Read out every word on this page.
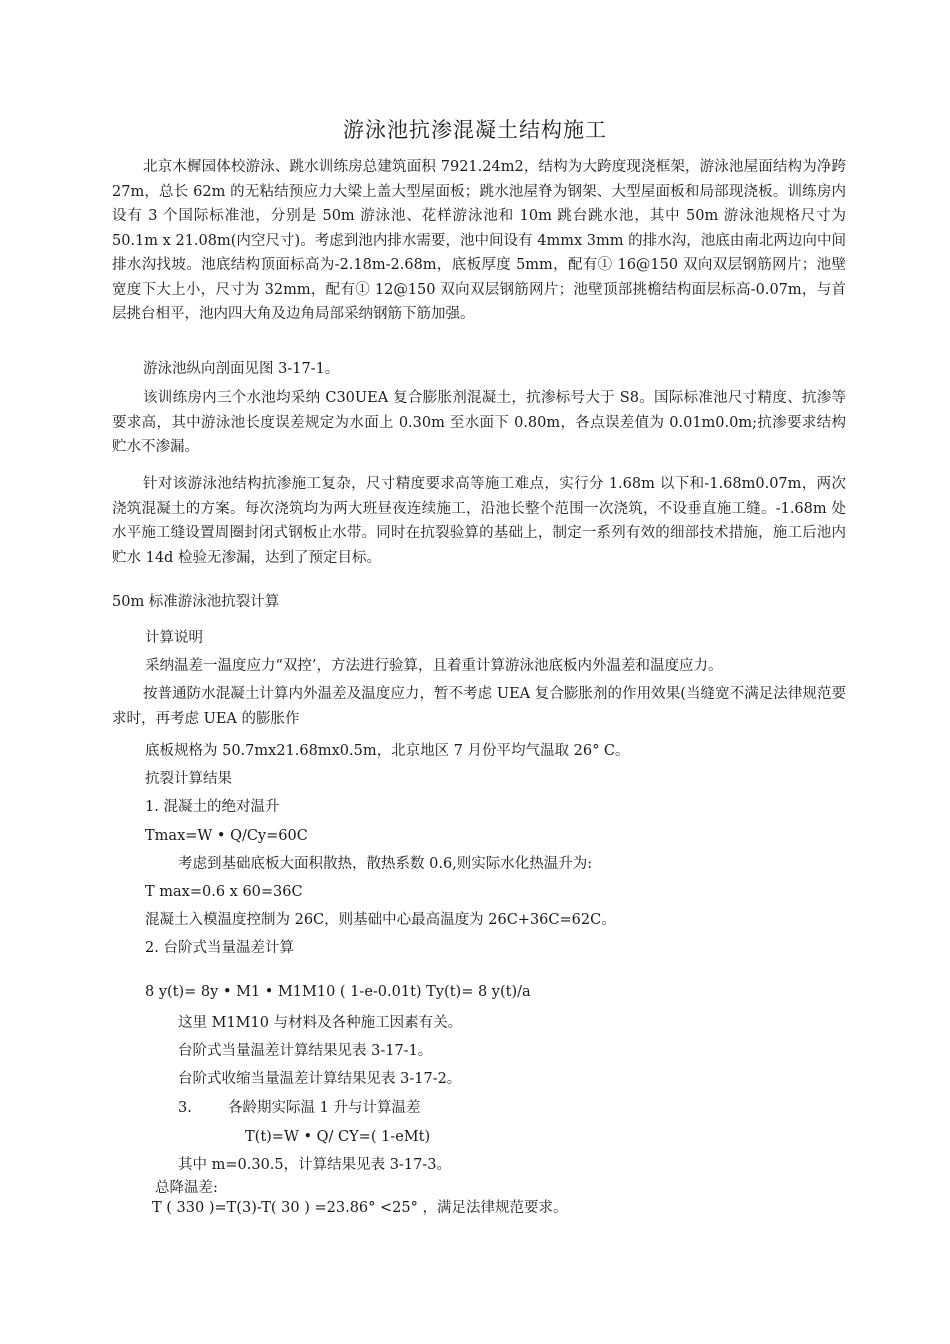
游泳池抗渗混凝土结构施工
北京木樨园体校游泳、跳水训练房总建筑面积 7921.24m2，结构为大跨度现浇框架，游泳池屋面结构为净跨 27m，总长 62m 的无粘结预应力大梁上盖大型屋面板；跳水池屋脊为钢架、大型屋面板和局部现浇板。训练房内设有 3 个国际标准池，分别是 50m 游泳池、花样游泳池和 10m 跳台跳水池，其中 50m 游泳池规格尺寸为 50.1m x 21.08m(内空尺寸)。考虑到池内排水需要，池中间设有 4mmx 3mm 的排水沟，池底由南北两边向中间排水沟找坡。池底结构顶面标高为-2.18m-2.68m，底板厚度 5mm，配有① 16@150 双向双层钢筋网片；池壁宽度下大上小，尺寸为 32mm，配有① 12@150 双向双层钢筋网片；池壁顶部挑檐结构面层标高-0.07m，与首层挑台相平，池内四大角及边角局部采纳钢筋下筋加强。
游泳池纵向剖面见图 3-17-1。
该训练房内三个水池均采纳 C30UEA 复合膨胀剂混凝土，抗渗标号大于 S8。国际标准池尺寸精度、抗渗等要求高，其中游泳池长度误差规定为水面上 0.30m 至水面下 0.80m，各点误差值为 0.01m0.0m;抗渗要求结构贮水不渗漏。
针对该游泳池结构抗渗施工复杂，尺寸精度要求高等施工难点，实行分 1.68m 以下和-1.68m0.07m，两次浇筑混凝土的方案。每次浇筑均为两大班昼夜连续施工，沿池长整个范围一次浇筑，不设垂直施工缝。-1.68m 处水平施工缝设置周圈封闭式钢板止水带。同时在抗裂验算的基础上，制定一系列有效的细部技术措施，施工后池内贮水 14d 检验无渗漏，达到了预定目标。
50m 标准游泳池抗裂计算
计算说明
采纳温差一温度应力“双控’，方法进行验算，且着重计算游泳池底板内外温差和温度应力。
按普通防水混凝土计算内外温差及温度应力，暂不考虑 UEA 复合膨胀剂的作用效果(当缝宽不满足法律规范要求时，再考虑 UEA 的膨胀作
底板规格为 50.7mx21.68mx0.5m，北京地区 7 月份平均气温取 26° C。
抗裂计算结果
1. 混凝土的绝对温升
Tmax=W • Q/Cy=60C
考虑到基础底板大面积散热，散热系数 0.6,则实际水化热温升为:
T max=0.6 x 60=36C
混凝土入模温度控制为 26C，则基础中心最高温度为 26C+36C=62C。
2. 台阶式当量温差计算
8 y(t)= 8y • M1 • M1M10 ( 1-e-0.01t) Ty(t)= 8 y(t)/a
这里 M1M10 与材料及各种施工因素有关。
台阶式当量温差计算结果见表 3-17-1。
台阶式收缩当量温差计算结果见表 3-17-2。
3. 各龄期实际温 1 升与计算温差
T(t)=W • Q/ CY=( 1-eMt)
其中 m=0.30.5，计算结果见表 3-17-3。
总降温差:
T ( 330 )=T(3)-T( 30 ) =23.86° <25° ，满足法律规范要求。
